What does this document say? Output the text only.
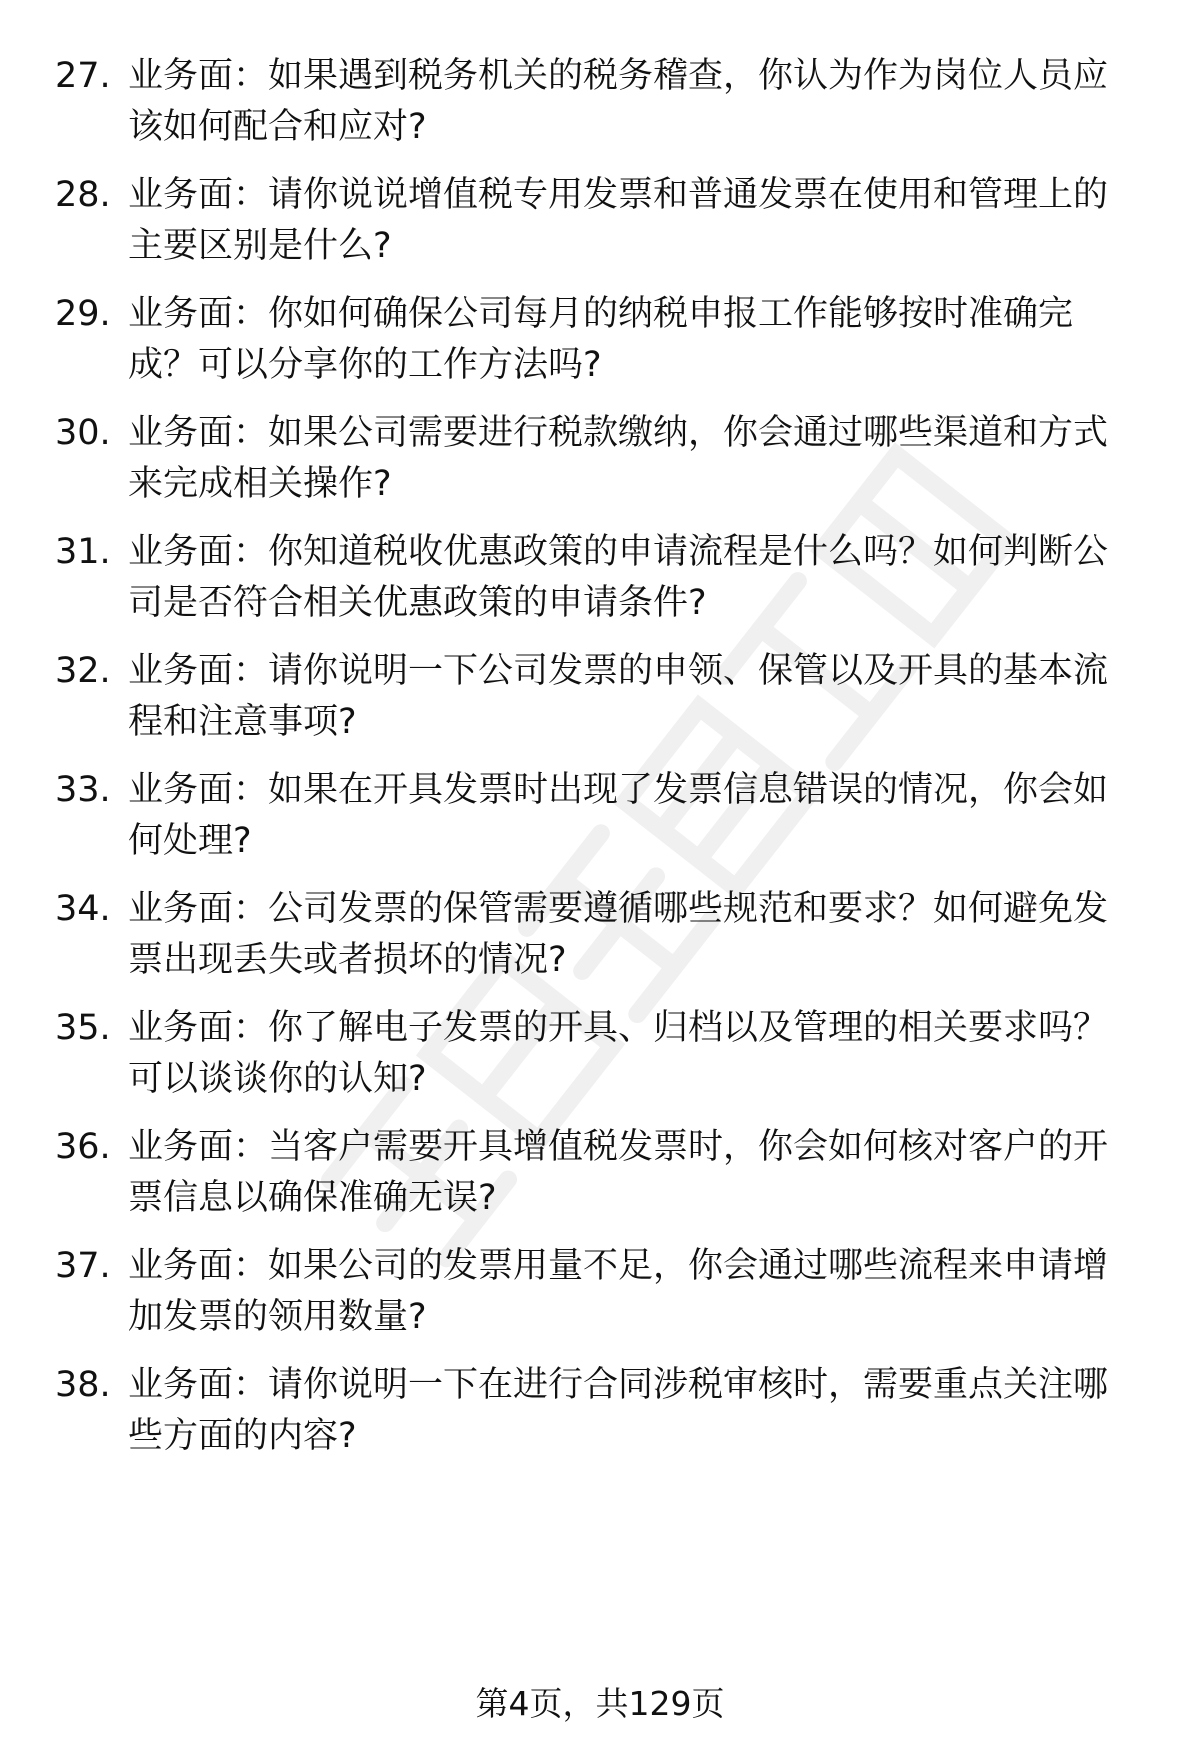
27. 业务面：如果遇到税务机关的税务稽查，你认为作为岗位人员应该如何配合和应对?
28. 业务面：请你说说增值税专用发票和普通发票在使用和管理上的主要区别是什么?
29. 业务面：你如何确保公司每月的纳税申报工作能够按时准确完成？可以分享你的工作方法吗?
30. 业务面：如果公司需要进行税款缴纳，你会通过哪些渠道和方式来完成相关操作?
31. 业务面：你知道税收优惠政策的申请流程是什么吗？如何判断公司是否符合相关优惠政策的申请条件?
32. 业务面：请你说明一下公司发票的申领、保管以及开具的基本流程和注意事项?
33. 业务面：如果在开具发票时出现了发票信息错误的情况，你会如何处理?
34. 业务面：公司发票的保管需要遵循哪些规范和要求？如何避免发票出现丢失或者损坏的情况?
35. 业务面：你了解电子发票的开具、归档以及管理的相关要求吗？可以谈谈你的认知?
36. 业务面：当客户需要开具增值税发票时，你会如何核对客户的开票信息以确保准确无误?
37. 业务面：如果公司的发票用量不足，你会通过哪些流程来申请增加发票的领用数量?
38. 业务面：请你说明一下在进行合同涉税审核时，需要重点关注哪些方面的内容?
第4页，共129页
